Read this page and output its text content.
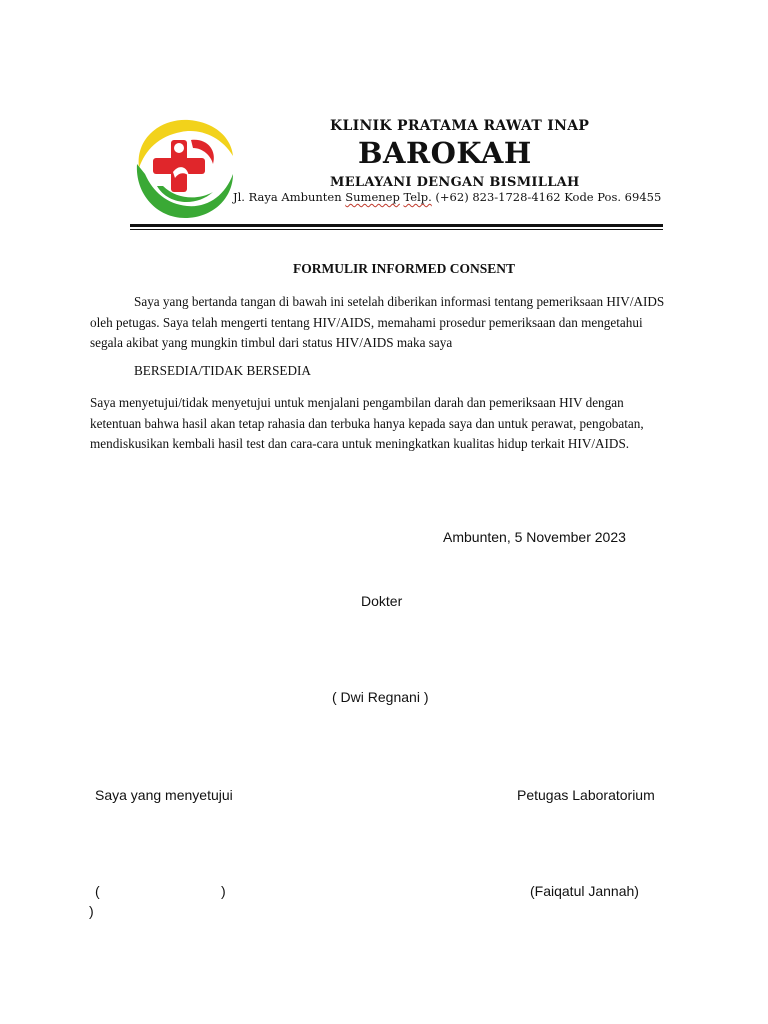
KLINIK PRATAMA RAWAT INAP
BAROKAH
MELAYANI DENGAN BISMILLAH
Jl. Raya Ambunten Sumenep Telp. (+62) 823-1728-4162 Kode Pos. 69455
FORMULIR INFORMED CONSENT
Saya yang bertanda tangan di bawah ini setelah diberikan informasi tentang pemeriksaan HIV/AIDS oleh petugas. Saya telah mengerti tentang HIV/AIDS, memahami prosedur pemeriksaan dan mengetahui segala akibat yang mungkin timbul dari status HIV/AIDS maka saya
BERSEDIA/TIDAK BERSEDIA
Saya menyetujui/tidak menyetujui untuk menjalani pengambilan darah dan pemeriksaan HIV dengan ketentuan bahwa hasil akan tetap rahasia dan terbuka hanya kepada saya dan untuk perawat, pengobatan, mendiskusikan kembali hasil test dan cara-cara untuk meningkatkan kualitas hidup terkait HIV/AIDS.
Ambunten, 5 November 2023
Dokter
( Dwi Regnani )
Saya yang menyetujui	Petugas Laboratorium
(	)
)
(Faiqatul Jannah)
